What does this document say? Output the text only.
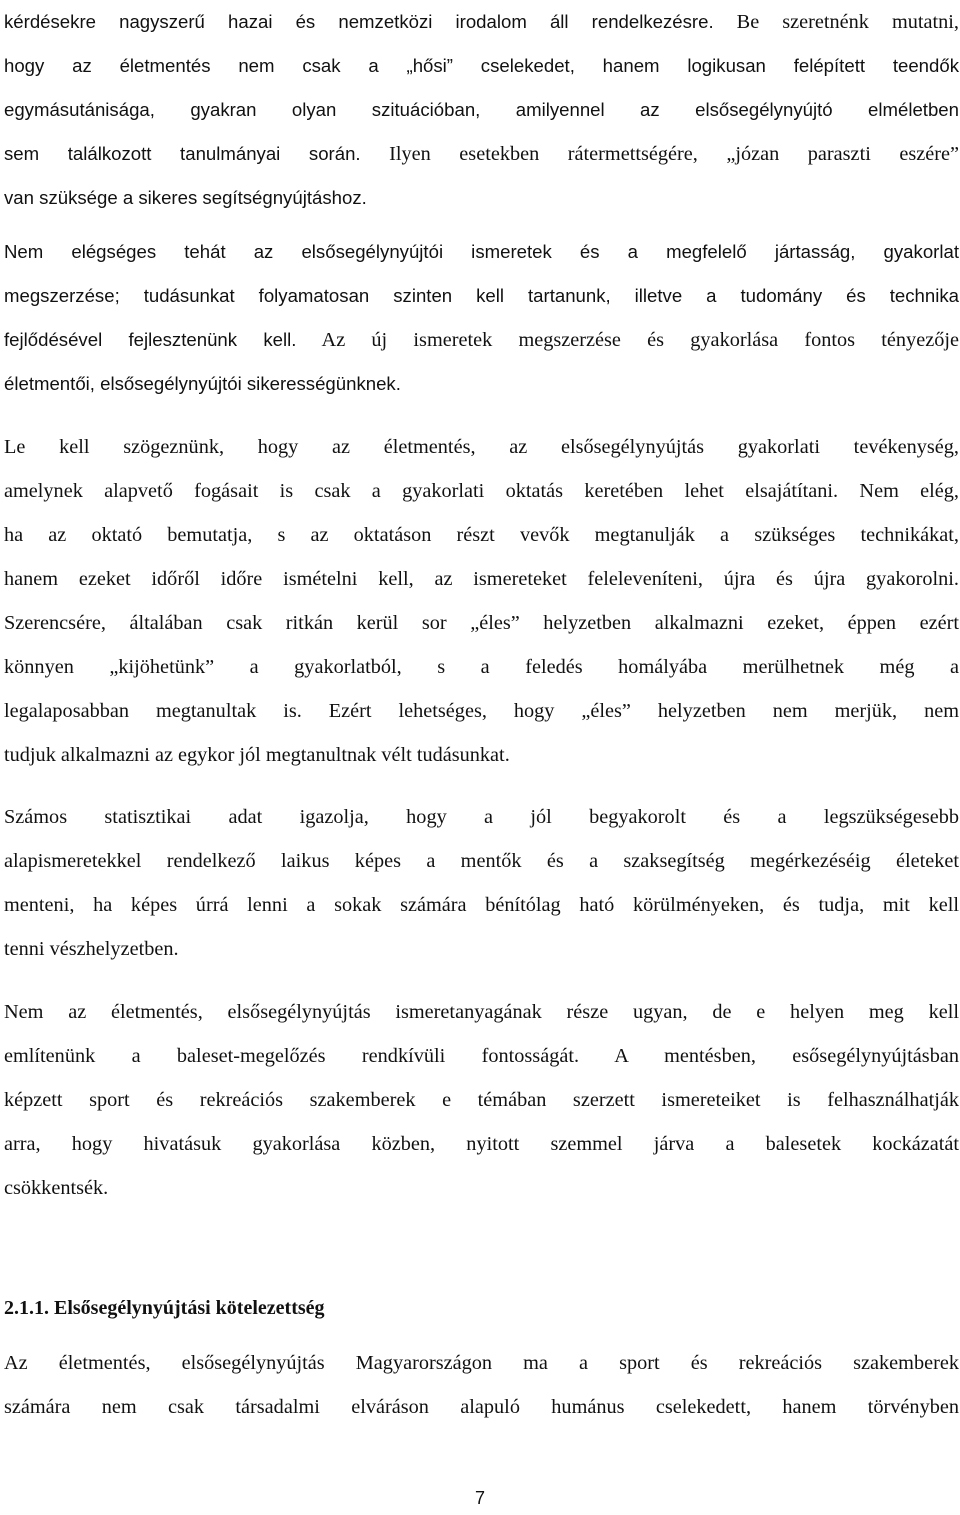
kérdésekre nagyszerű hazai és nemzetközi irodalom áll rendelkezésre. Be szeretnénk mutatni,
hogy az életmentés nem csak a „hősi” cselekedet, hanem logikusan felépített teendők
egymásutánisága, gyakran olyan szituációban, amilyennel az elsősegélynyújtó elméletben
sem találkozott tanulmányai során. Ilyen esetekben rátermettségére, „józan paraszti eszére”
van szüksége a sikeres segítségnyújtáshoz.

Nem elégséges tehát az elsősegélynyújtói ismeretek és a megfelelő jártasság, gyakorlat
megszerzése; tudásunkat folyamatosan szinten kell tartanunk, illetve a tudomány és technika
fejlődésével fejlesztenünk kell. Az új ismeretek megszerzése és gyakorlása fontos tényezője
életmentői, elsősegélynyújtói sikerességünknek.

Le kell szögeznünk, hogy az életmentés, az elsősegélynyújtás gyakorlati tevékenység,
amelynek alapvető fogásait is csak a gyakorlati oktatás keretében lehet elsajátítani. Nem elég,
ha az oktató bemutatja, s az oktatáson részt vevők megtanulják a szükséges technikákat,
hanem ezeket időről időre ismételni kell, az ismereteket feleleveníteni, újra és újra gyakorolni.
Szerencsére, általában csak ritkán kerül sor „éles” helyzetben alkalmazni ezeket, éppen ezért
könnyen „kijöhetünk” a gyakorlatból, s a feledés homályába merülhetnek még a
legalaposabban megtanultak is. Ezért lehetséges, hogy „éles” helyzetben nem merjük, nem
tudjuk alkalmazni az egykor jól megtanultnak vélt tudásunkat.

Számos statisztikai adat igazolja, hogy a jól begyakorolt és a legszükségesebb
alapismeretekkel rendelkező laikus képes a mentők és a szaksegítség megérkezéséig életeket
menteni, ha képes úrrá lenni a sokak számára bénítólag ható körülményeken, és tudja, mit kell
tenni vészhelyzetben.

Nem az életmentés, elsősegélynyújtás ismeretanyagának része ugyan, de e helyen meg kell
említenünk a baleset-megelőzés rendkívüli fontosságát. A mentésben, esősegélynyújtásban
képzett sport és rekreációs szakemberek e témában szerzett ismereteiket is felhasználhatják
arra, hogy hivatásuk gyakorlása közben, nyitott szemmel járva a balesetek kockázatát
csökkentsék.

2.1.1. Elsősegélynyújtási kötelezettség

Az életmentés, elsősegélynyújtás Magyarországon ma a sport és rekreációs szakemberek
számára nem csak társadalmi elváráson alapuló humánus cselekedett, hanem törvényben

7
